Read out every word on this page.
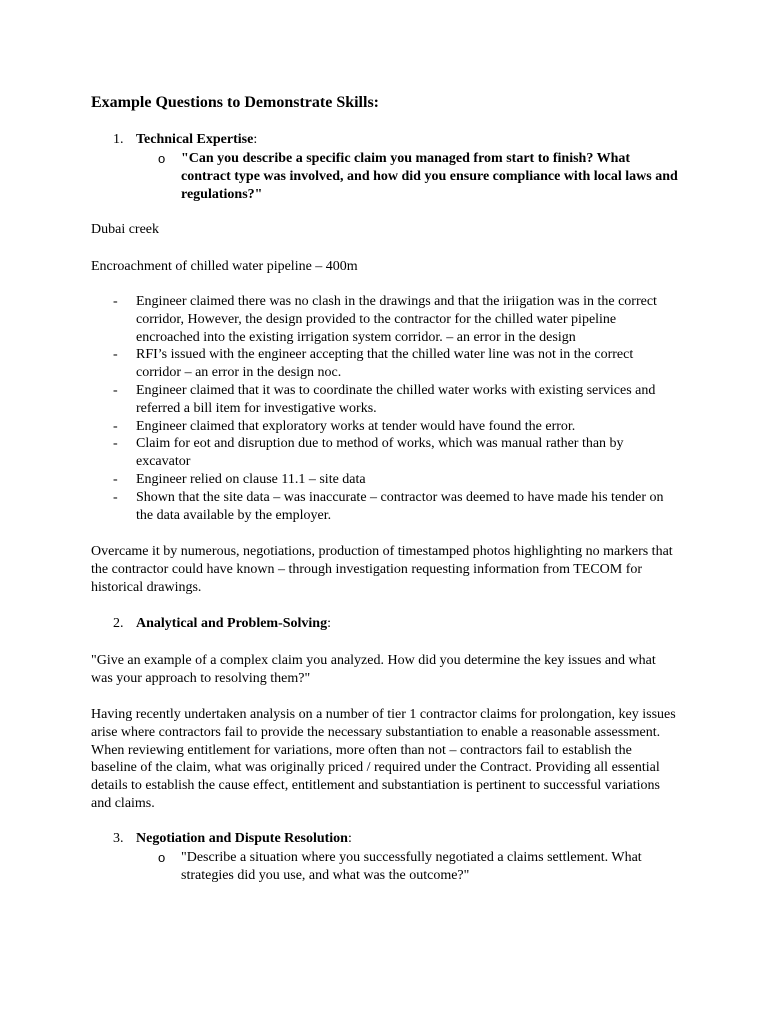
Example Questions to Demonstrate Skills:
1. Technical Expertise:
o "Can you describe a specific claim you managed from start to finish? What contract type was involved, and how did you ensure compliance with local laws and regulations?"
Dubai creek
Encroachment of chilled water pipeline – 400m
- Engineer claimed there was no clash in the drawings and that the iriigation was in the correct corridor, However, the design provided to the contractor for the chilled water pipeline encroached into the existing irrigation system corridor. – an error in the design
- RFI’s issued with the engineer accepting that the chilled water line was not in the correct corridor – an error in the design noc.
- Engineer claimed that it was to coordinate the chilled water works with existing services and referred a bill item for investigative works.
- Engineer claimed that exploratory works at tender would have found the error.
- Claim for eot and disruption due to method of works, which was manual rather than by excavator
- Engineer relied on clause 11.1 – site data
- Shown that the site data – was inaccurate – contractor was deemed to have made his tender on the data available by the employer.
Overcame it by numerous, negotiations, production of timestamped photos highlighting no markers that the contractor could have known – through investigation requesting information from TECOM for historical drawings.
2. Analytical and Problem-Solving:
"Give an example of a complex claim you analyzed. How did you determine the key issues and what was your approach to resolving them?"
Having recently undertaken analysis on a number of tier 1 contractor claims for prolongation, key issues arise where contractors fail to provide the necessary substantiation to enable a reasonable assessment. When reviewing entitlement for variations, more often than not – contractors fail to establish the baseline of the claim, what was originally priced / required under the Contract. Providing all essential details to establish the cause effect, entitlement and substantiation is pertinent to successful variations and claims.
3. Negotiation and Dispute Resolution:
o "Describe a situation where you successfully negotiated a claims settlement. What strategies did you use, and what was the outcome?"
